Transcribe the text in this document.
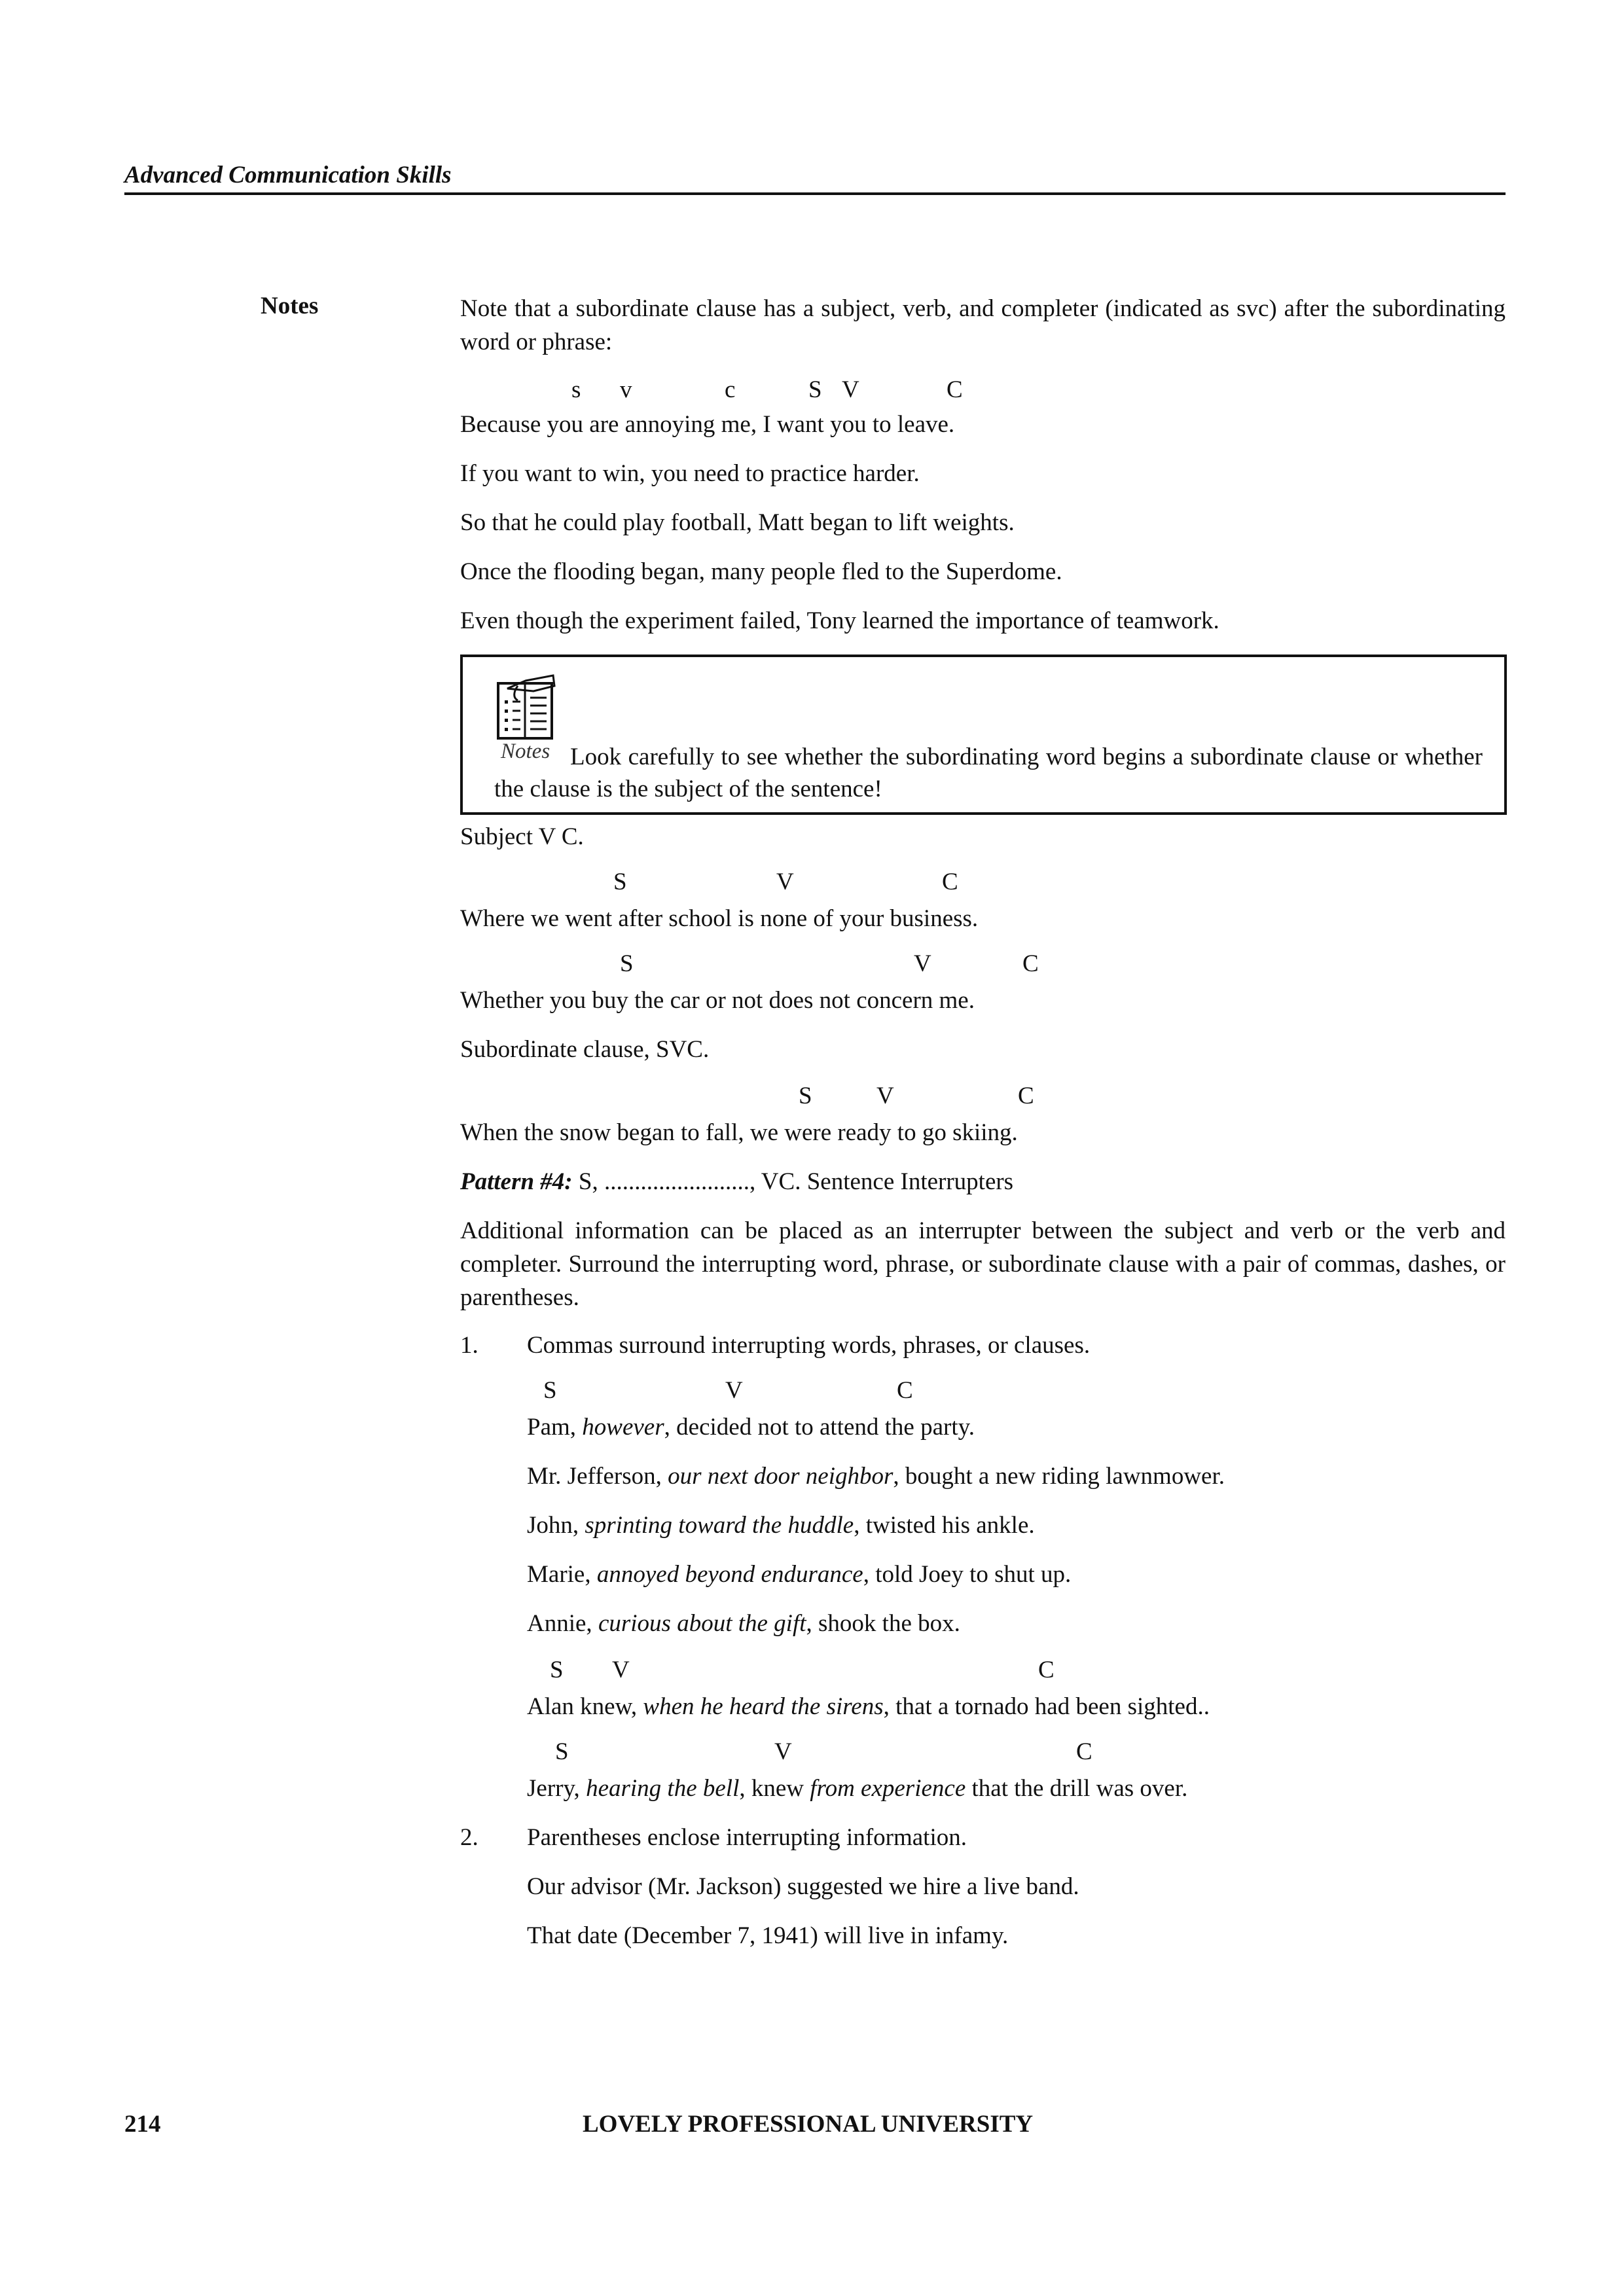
Advanced Communication Skills
Notes	Note that a subordinate clause has a subject, verb, and completer (indicated as svc) after the subordinating word or phrase:
s v	c	S V	C
Because you are annoying me, I want you to leave.
If you want to win, you need to practice harder.
So that he could play football, Matt began to lift weights.
Once the flooding began, many people fled to the Superdome.
Even though the experiment failed, Tony learned the importance of teamwork.
Notes Look carefully to see whether the subordinating word begins a subordinate clause or whether the clause is the subject of the sentence!
Subject V C.
S	V	C
Where we went after school is none of your business.
S	V	C
Whether you buy the car or not does not concern me.
Subordinate clause, SVC.
S	V	C
When the snow began to fall, we were ready to go skiing.
Pattern #4: S, ........................, VC. Sentence Interrupters
Additional information can be placed as an interrupter between the subject and verb or the verb and completer. Surround the interrupting word, phrase, or subordinate clause with a pair of commas, dashes, or parentheses.
1. Commas surround interrupting words, phrases, or clauses.
S	V	C
Pam, however, decided not to attend the party.
Mr. Jefferson, our next door neighbor, bought a new riding lawnmower.
John, sprinting toward the huddle, twisted his ankle.
Marie, annoyed beyond endurance, told Joey to shut up.
Annie, curious about the gift, shook the box.
S V	C
Alan knew, when he heard the sirens, that a tornado had been sighted..
S	V	C
Jerry, hearing the bell, knew from experience that the drill was over.
2. Parentheses enclose interrupting information.
Our advisor (Mr. Jackson) suggested we hire a live band.
That date (December 7, 1941) will live in infamy.
214	LOVELY PROFESSIONAL UNIVERSITY
